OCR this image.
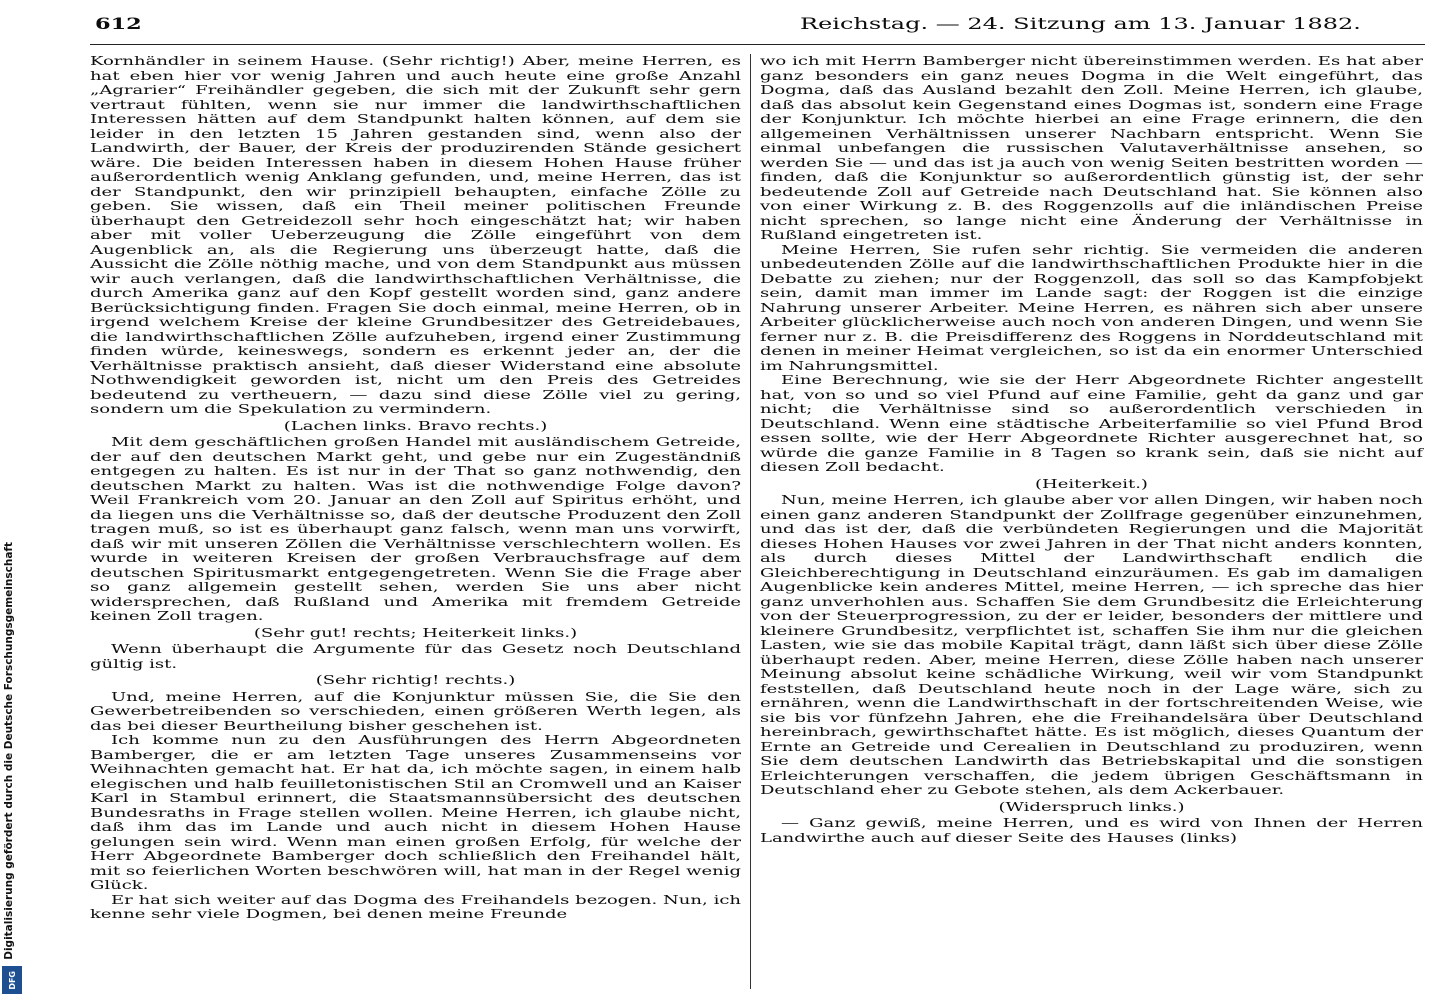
612	Reichstag. — 24. Sitzung am 13. Januar 1882.

Kornhändler in seinem Hause. (Sehr richtig!) Aber, meine Herren, es hat eben hier vor wenig Jahren und auch heute eine große Anzahl „Agrarier“ Freihändler gegeben, die sich mit der Zukunft sehr gern vertraut fühlten, wenn sie nur immer die landwirthschaftlichen Interessen hätten auf dem Standpunkt halten können, auf dem sie leider in den letzten 15 Jahren gestanden sind, wenn also der Landwirth, der Bauer, der Kreis der produzirenden Stände gesichert wäre. Die beiden Interessen haben in diesem Hohen Hause früher außerordentlich wenig Anklang gefunden, und, meine Herren, das ist der Standpunkt, den wir prinzipiell behaupten, einfache Zölle zu geben. Sie wissen, daß ein Theil meiner politischen Freunde überhaupt den Getreidezoll sehr hoch eingeschätzt hat; wir haben aber mit voller Ueberzeugung die Zölle eingeführt von dem Augenblick an, als die Regierung uns überzeugt hatte, daß die Aussicht die Zölle nöthig mache, und von dem Standpunkt aus müssen wir auch verlangen, daß die landwirthschaftlichen Verhältnisse, die durch Amerika ganz auf den Kopf gestellt worden sind, ganz andere Berücksichtigung finden. Fragen Sie doch einmal, meine Herren, ob in irgend welchem Kreise der kleine Grundbesitzer des Getreidebaues, die landwirthschaftlichen Zölle aufzuheben, irgend einer Zustimmung finden würde, keineswegs, sondern es erkennt jeder an, der die Verhältnisse praktisch ansieht, daß dieser Widerstand eine absolute Nothwendigkeit geworden ist, nicht um den Preis des Getreides bedeutend zu vertheuern, — dazu sind diese Zölle viel zu gering, sondern um die Spekulation zu vermindern.

(Lachen links. Bravo rechts.)

Mit dem geschäftlichen großen Handel mit ausländischem Getreide, der auf den deutschen Markt geht, und gebe nur ein Zugeständniß entgegen zu halten. Es ist nur in der That so ganz nothwendig, den deutschen Markt zu halten. Was ist die nothwendige Folge davon? Weil Frankreich vom 20. Januar an den Zoll auf Spiritus erhöht, und da liegen uns die Verhältnisse so, daß der deutsche Produzent den Zoll tragen muß, so ist es überhaupt ganz falsch, wenn man uns vorwirft, daß wir mit unseren Zöllen die Verhältnisse verschlechtern wollen. Es wurde in weiteren Kreisen der großen Verbrauchsfrage auf dem deutschen Spiritusmarkt entgegengetreten. Wenn Sie die Frage aber so ganz allgemein gestellt sehen, werden Sie uns aber nicht widersprechen, daß Rußland und Amerika mit fremdem Getreide keinen Zoll tragen.

(Sehr gut! rechts; Heiterkeit links.)

Wenn überhaupt die Argumente für das Gesetz noch Deutschland gültig ist.

(Sehr richtig! rechts.)

Und, meine Herren, auf die Konjunktur müssen Sie, die Sie den Gewerbetreibenden so verschieden, einen größeren Werth legen, als das bei dieser Beurtheilung bisher geschehen ist.

Ich komme nun zu den Ausführungen des Herrn Abgeordneten Bamberger, die er am letzten Tage unseres Zusammenseins vor Weihnachten gemacht hat. Er hat da, ich möchte sagen, in einem halb elegischen und halb feuilletonistischen Stil an Cromwell und an Kaiser Karl in Stambul erinnert, die Staatsmannsübersicht des deutschen Bundesraths in Frage stellen wollen. Meine Herren, ich glaube nicht, daß ihm das im Lande und auch nicht in diesem Hohen Hause gelungen sein wird. Wenn man einen großen Erfolg, für welche der Herr Abgeordnete Bamberger doch schließlich den Freihandel hält, mit so feierlichen Worten beschwören will, hat man in der Regel wenig Glück.

Er hat sich weiter auf das Dogma des Freihandels bezogen. Nun, ich kenne sehr viele Dogmen, bei denen meine Freunde

wo ich mit Herrn Bamberger nicht übereinstimmen werden. Es hat aber ganz besonders ein ganz neues Dogma in die Welt eingeführt, das Dogma, daß das Ausland bezahlt den Zoll. Meine Herren, ich glaube, daß das absolut kein Gegenstand eines Dogmas ist, sondern eine Frage der Konjunktur. Ich möchte hierbei an eine Frage erinnern, die den allgemeinen Verhältnissen unserer Nachbarn entspricht. Wenn Sie einmal unbefangen die russischen Valutaverhältnisse ansehen, so werden Sie — und das ist ja auch von wenig Seiten bestritten worden — finden, daß die Konjunktur so außerordentlich günstig ist, der sehr bedeutende Zoll auf Getreide nach Deutschland hat. Sie können also von einer Wirkung z. B. des Roggenzolls auf die inländischen Preise nicht sprechen, so lange nicht eine Änderung der Verhältnisse in Rußland eingetreten ist.

Meine Herren, Sie rufen sehr richtig. Sie vermeiden die anderen unbedeutenden Zölle auf die landwirthschaftlichen Produkte hier in die Debatte zu ziehen; nur der Roggenzoll, das soll so das Kampfobjekt sein, damit man immer im Lande sagt: der Roggen ist die einzige Nahrung unserer Arbeiter. Meine Herren, es nähren sich aber unsere Arbeiter glücklicherweise auch noch von anderen Dingen, und wenn Sie ferner nur z. B. die Preisdifferenz des Roggens in Norddeutschland mit denen in meiner Heimat vergleichen, so ist da ein enormer Unterschied im Nahrungsmittel.

Eine Berechnung, wie sie der Herr Abgeordnete Richter angestellt hat, von so und so viel Pfund auf eine Familie, geht da ganz und gar nicht; die Verhältnisse sind so außerordentlich verschieden in Deutschland. Wenn eine städtische Arbeiterfamilie so viel Pfund Brod essen sollte, wie der Herr Abgeordnete Richter ausgerechnet hat, so würde die ganze Familie in 8 Tagen so krank sein, daß sie nicht auf diesen Zoll bedacht.

(Heiterkeit.)

Nun, meine Herren, ich glaube aber vor allen Dingen, wir haben noch einen ganz anderen Standpunkt der Zollfrage gegenüber einzunehmen, und das ist der, daß die verbündeten Regierungen und die Majorität dieses Hohen Hauses vor zwei Jahren in der That nicht anders konnten, als durch dieses Mittel der Landwirthschaft endlich die Gleichberechtigung in Deutschland einzuräumen. Es gab im damaligen Augenblicke kein anderes Mittel, meine Herren, — ich spreche das hier ganz unverhohlen aus. Schaffen Sie dem Grundbesitz die Erleichterung von der Steuerprogression, zu der er leider, besonders der mittlere und kleinere Grundbesitz, verpflichtet ist, schaffen Sie ihm nur die gleichen Lasten, wie sie das mobile Kapital trägt, dann läßt sich über diese Zölle überhaupt reden. Aber, meine Herren, diese Zölle haben nach unserer Meinung absolut keine schädliche Wirkung, weil wir vom Standpunkt feststellen, daß Deutschland heute noch in der Lage wäre, sich zu ernähren, wenn die Landwirthschaft in der fortschreitenden Weise, wie sie bis vor fünfzehn Jahren, ehe die Freihandelsära über Deutschland hereinbrach, gewirthschaftet hätte. Es ist möglich, dieses Quantum der Ernte an Getreide und Cerealien in Deutschland zu produziren, wenn Sie dem deutschen Landwirth das Betriebskapital und die sonstigen Erleichterungen verschaffen, die jedem übrigen Geschäftsmann in Deutschland eher zu Gebote stehen, als dem Ackerbauer.

(Widerspruch links.)

— Ganz gewiß, meine Herren, und es wird von Ihnen der Herren Landwirthe auch auf dieser Seite des Hauses (links)

Digitalisierung gefördert durch die Deutsche Forschungsgemeinschaft
DFG
